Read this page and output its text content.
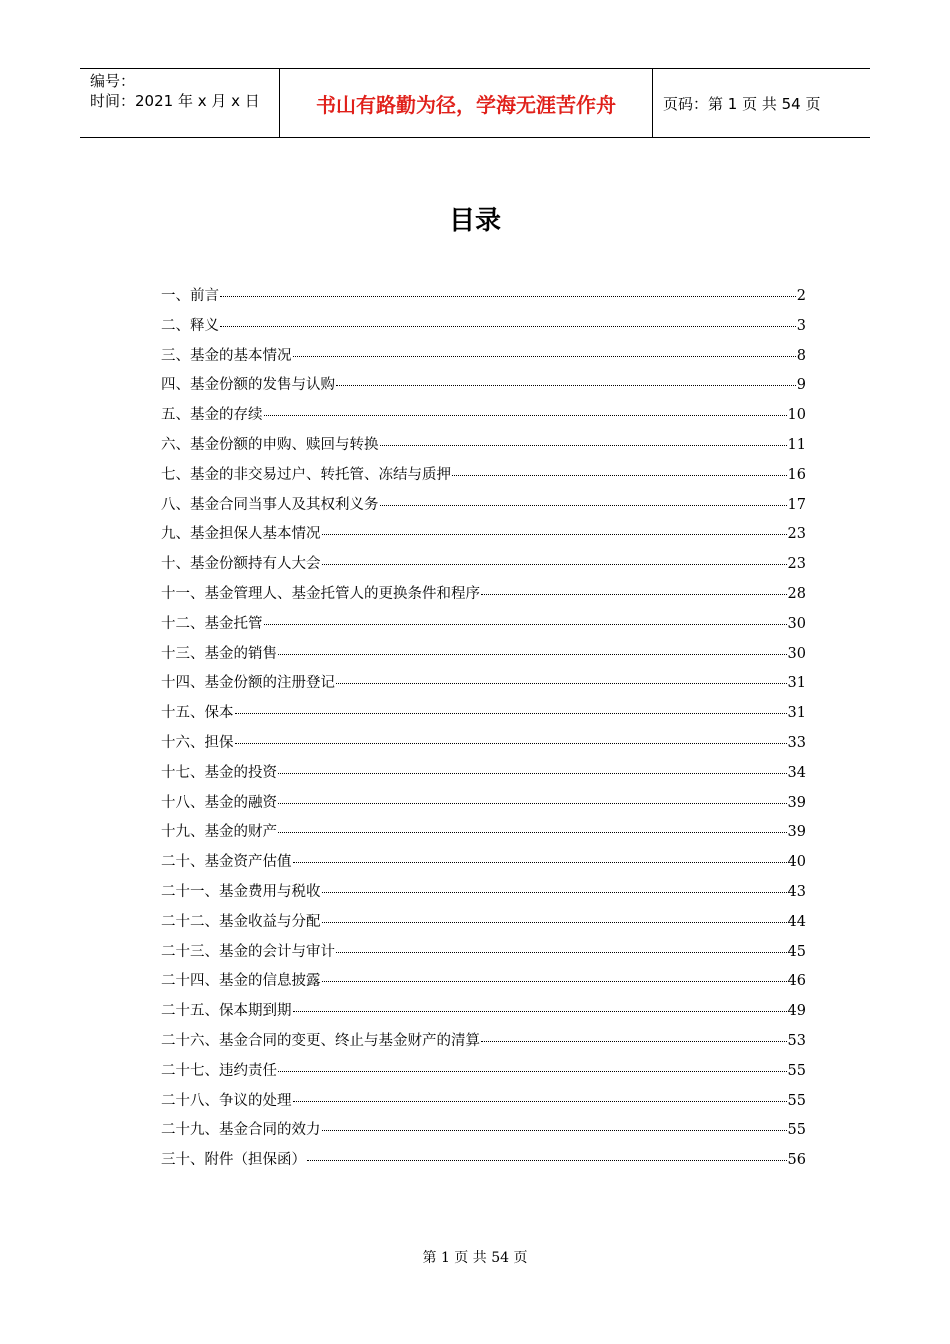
编号：
时间：2021 年 x 月 x 日	书山有路勤为径，学海无涯苦作舟	页码：第 1 页 共 54 页
目录
一、前言	2
二、释义	3
三、基金的基本情况	8
四、基金份额的发售与认购	9
五、基金的存续	10
六、基金份额的申购、赎回与转换	11
七、基金的非交易过户、转托管、冻结与质押	16
八、基金合同当事人及其权利义务	17
九、基金担保人基本情况	23
十、基金份额持有人大会	23
十一、基金管理人、基金托管人的更换条件和程序	28
十二、基金托管	30
十三、基金的销售	30
十四、基金份额的注册登记	31
十五、保本	31
十六、担保	33
十七、基金的投资	34
十八、基金的融资	39
十九、基金的财产	39
二十、基金资产估值	40
二十一、基金费用与税收	43
二十二、基金收益与分配	44
二十三、基金的会计与审计	45
二十四、基金的信息披露	46
二十五、保本期到期	49
二十六、基金合同的变更、终止与基金财产的清算	53
二十七、违约责任	55
二十八、争议的处理	55
二十九、基金合同的效力	55
三十、附件（担保函）	56
第 1 页 共 54 页
